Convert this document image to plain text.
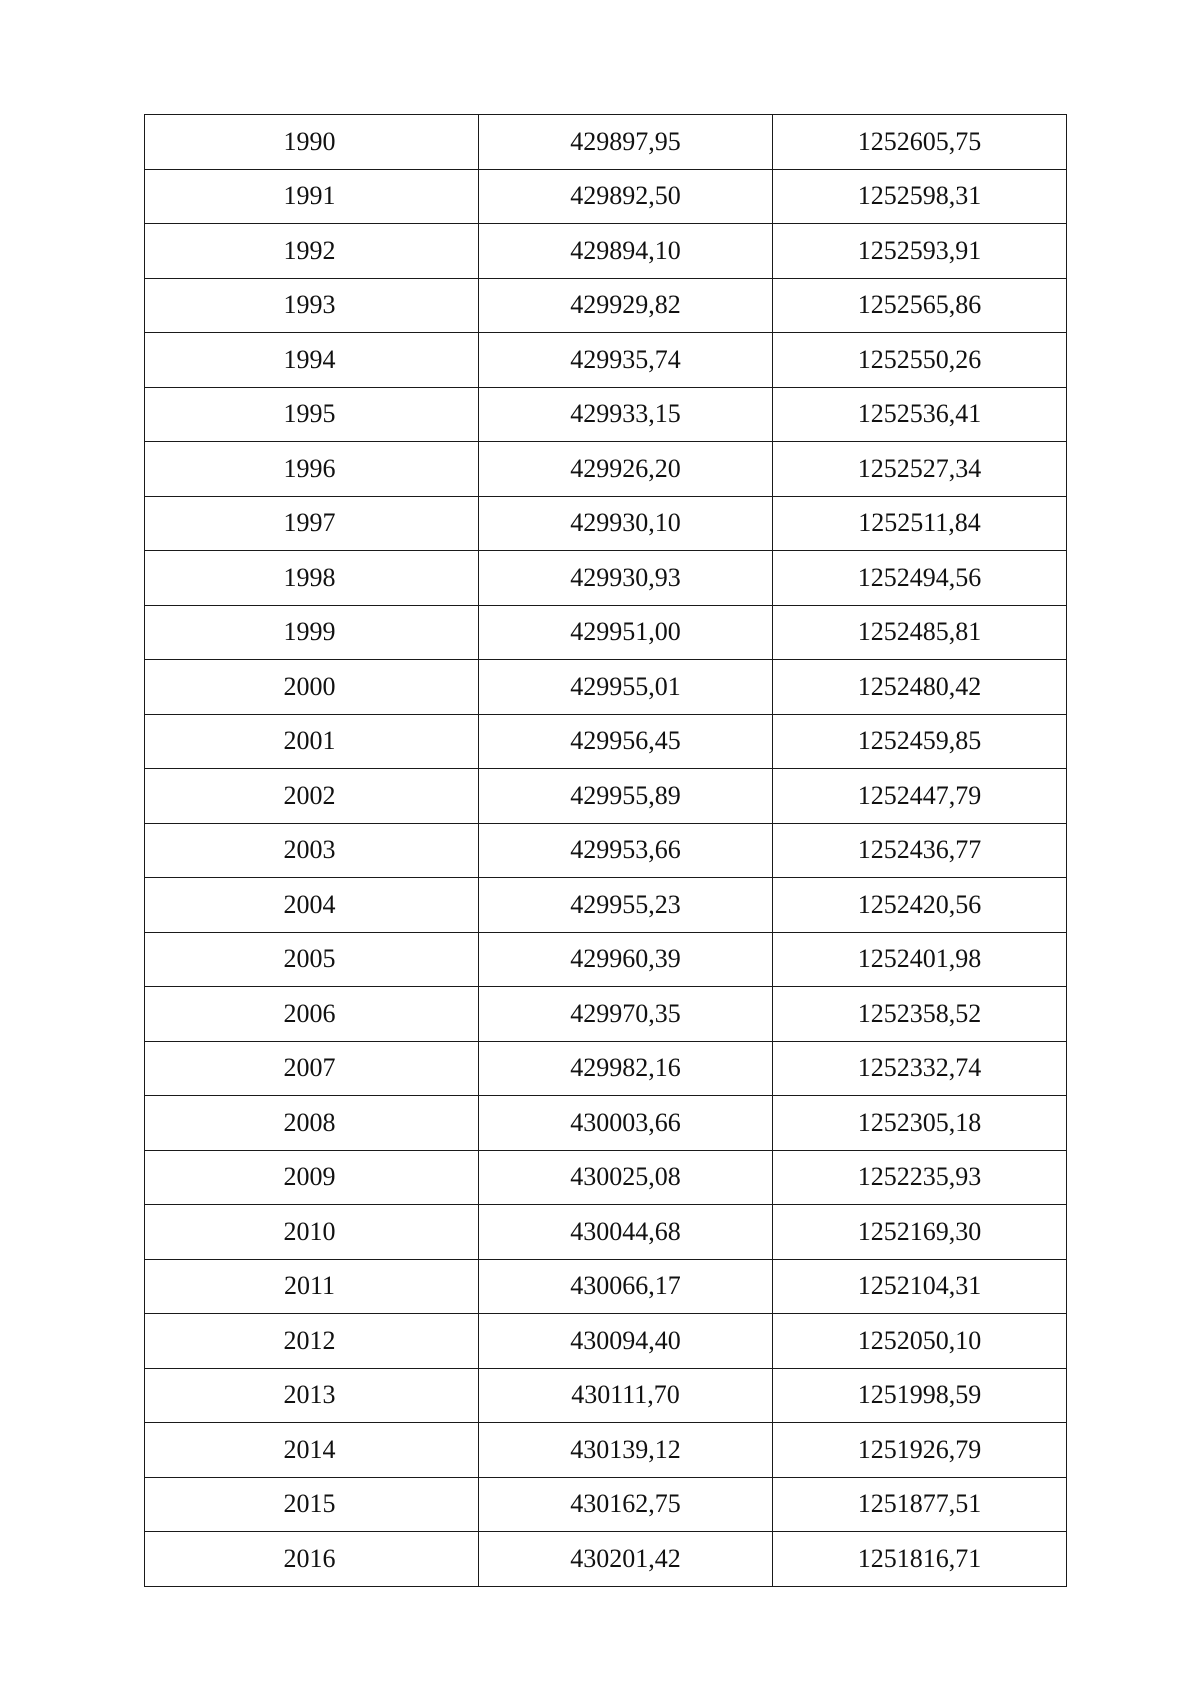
1990	429897,95	1252605,75
1991	429892,50	1252598,31
1992	429894,10	1252593,91
1993	429929,82	1252565,86
1994	429935,74	1252550,26
1995	429933,15	1252536,41
1996	429926,20	1252527,34
1997	429930,10	1252511,84
1998	429930,93	1252494,56
1999	429951,00	1252485,81
2000	429955,01	1252480,42
2001	429956,45	1252459,85
2002	429955,89	1252447,79
2003	429953,66	1252436,77
2004	429955,23	1252420,56
2005	429960,39	1252401,98
2006	429970,35	1252358,52
2007	429982,16	1252332,74
2008	430003,66	1252305,18
2009	430025,08	1252235,93
2010	430044,68	1252169,30
2011	430066,17	1252104,31
2012	430094,40	1252050,10
2013	430111,70	1251998,59
2014	430139,12	1251926,79
2015	430162,75	1251877,51
2016	430201,42	1251816,71
